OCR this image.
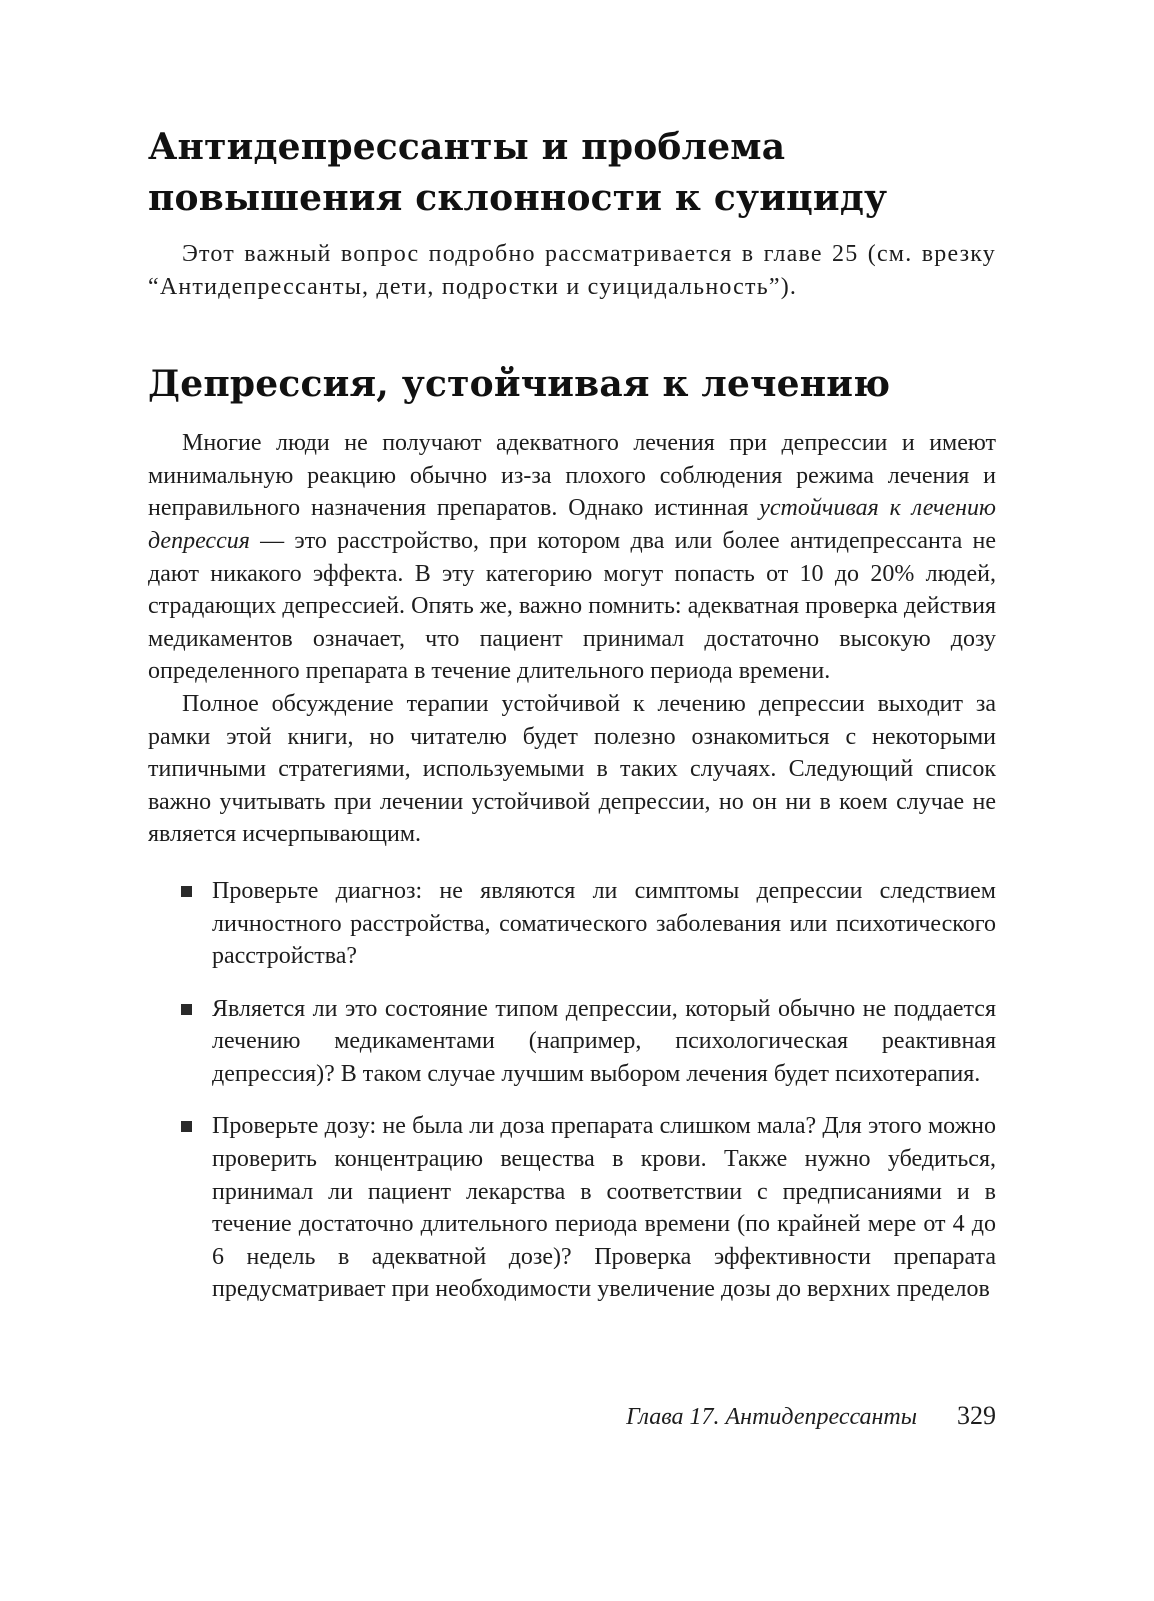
Антидепрессанты и проблема
повышения склонности к суициду

Этот важный вопрос подробно рассматривается в главе 25 (см. врезку “Антидепрессанты, дети, подростки и суицидальность”).

Депрессия, устойчивая к лечению

Многие люди не получают адекватного лечения при депрессии и имеют минимальную реакцию обычно из-за плохого соблюдения режима лечения и неправильного назначения препаратов. Однако истинная устойчивая к лечению депрессия — это расстройство, при котором два или более антидепрессанта не дают никакого эффекта. В эту категорию могут попасть от 10 до 20% людей, страдающих депрессией. Опять же, важно помнить: адекватная проверка действия медикаментов означает, что пациент принимал достаточно высокую дозу определенного препарата в течение длительного периода времени.

Полное обсуждение терапии устойчивой к лечению депрессии выходит за рамки этой книги, но читателю будет полезно ознакомиться с некоторыми типичными стратегиями, используемыми в таких случаях. Следующий список важно учитывать при лечении устойчивой депрессии, но он ни в коем случае не является исчерпывающим.

Проверьте диагноз: не являются ли симптомы депрессии следствием личностного расстройства, соматического заболевания или психотического расстройства?
Является ли это состояние типом депрессии, который обычно не поддается лечению медикаментами (например, психологическая реактивная депрессия)? В таком случае лучшим выбором лечения будет психотерапия.
Проверьте дозу: не была ли доза препарата слишком мала? Для этого можно проверить концентрацию вещества в крови. Также нужно убедиться, принимал ли пациент лекарства в соответствии с предписаниями и в течение достаточно длительного периода времени (по крайней мере от 4 до 6 недель в адекватной дозе)? Проверка эффективности препарата предусматривает при необходимости увеличение дозы до верхних пределов
Глава 17. Антидепрессанты 329
